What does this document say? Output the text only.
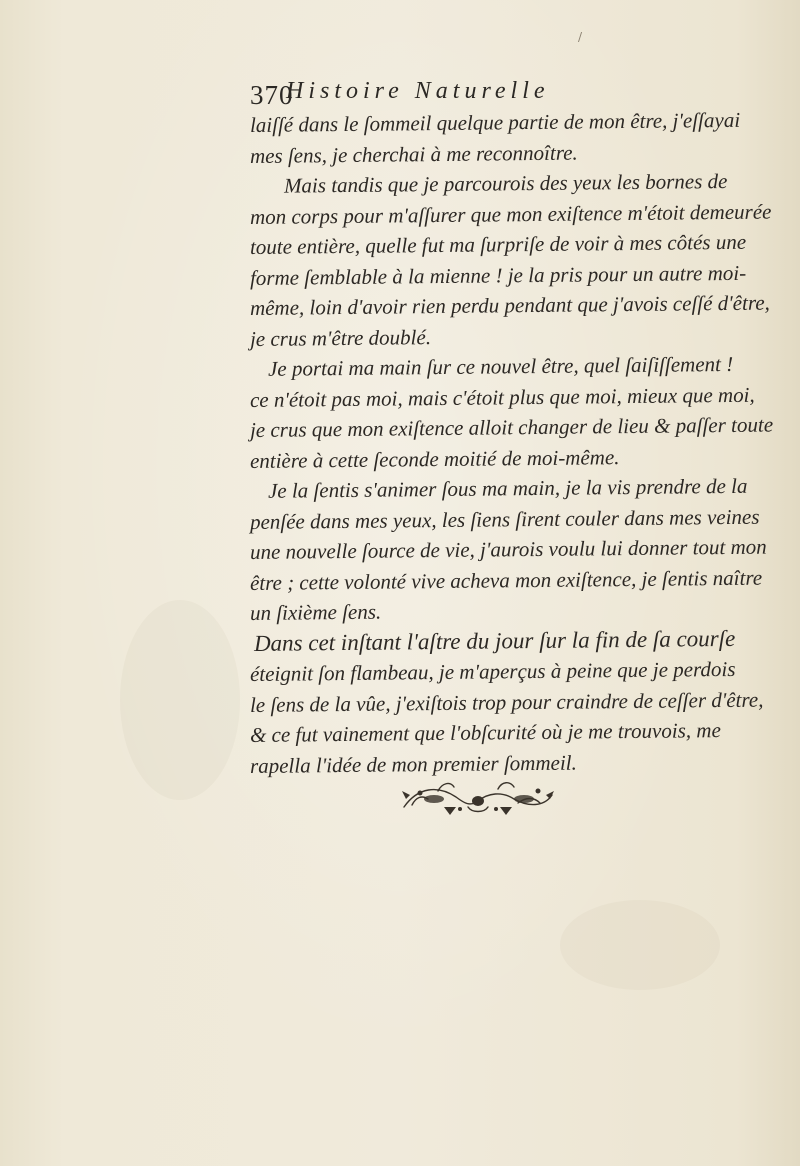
/
370
Histoire Naturelle
laiſſé dans le ſommeil quelque partie de mon être, j'eſſayai
mes ſens, je cherchai à me reconnoître.
Mais tandis que je parcourois des yeux les bornes de
mon corps pour m'aſſurer que mon exiſtence m'étoit demeurée
toute entière, quelle fut ma ſurpriſe de voir à mes côtés une
forme ſemblable à la mienne ! je la pris pour un autre moi-
même, loin d'avoir rien perdu pendant que j'avois ceſſé d'être,
je crus m'être doublé.
Je portai ma main ſur ce nouvel être, quel ſaiſiſſement !
ce n'étoit pas moi, mais c'étoit plus que moi, mieux que moi,
je crus que mon exiſtence alloit changer de lieu & paſſer toute
entière à cette ſeconde moitié de moi-même.
Je la ſentis s'animer ſous ma main, je la vis prendre de la
penſée dans mes yeux, les ſiens ſirent couler dans mes veines
une nouvelle ſource de vie, j'aurois voulu lui donner tout mon
être ; cette volonté vive acheva mon exiſtence, je ſentis naître
un ſixième ſens.
Dans cet inſtant l'aſtre du jour ſur la fin de ſa courſe
éteignit ſon flambeau, je m'aperçus à peine que je perdois
le ſens de la vûe, j'exiſtois trop pour craindre de ceſſer d'être,
& ce fut vainement que l'obſcurité où je me trouvois, me
rapella l'idée de mon premier ſommeil.
